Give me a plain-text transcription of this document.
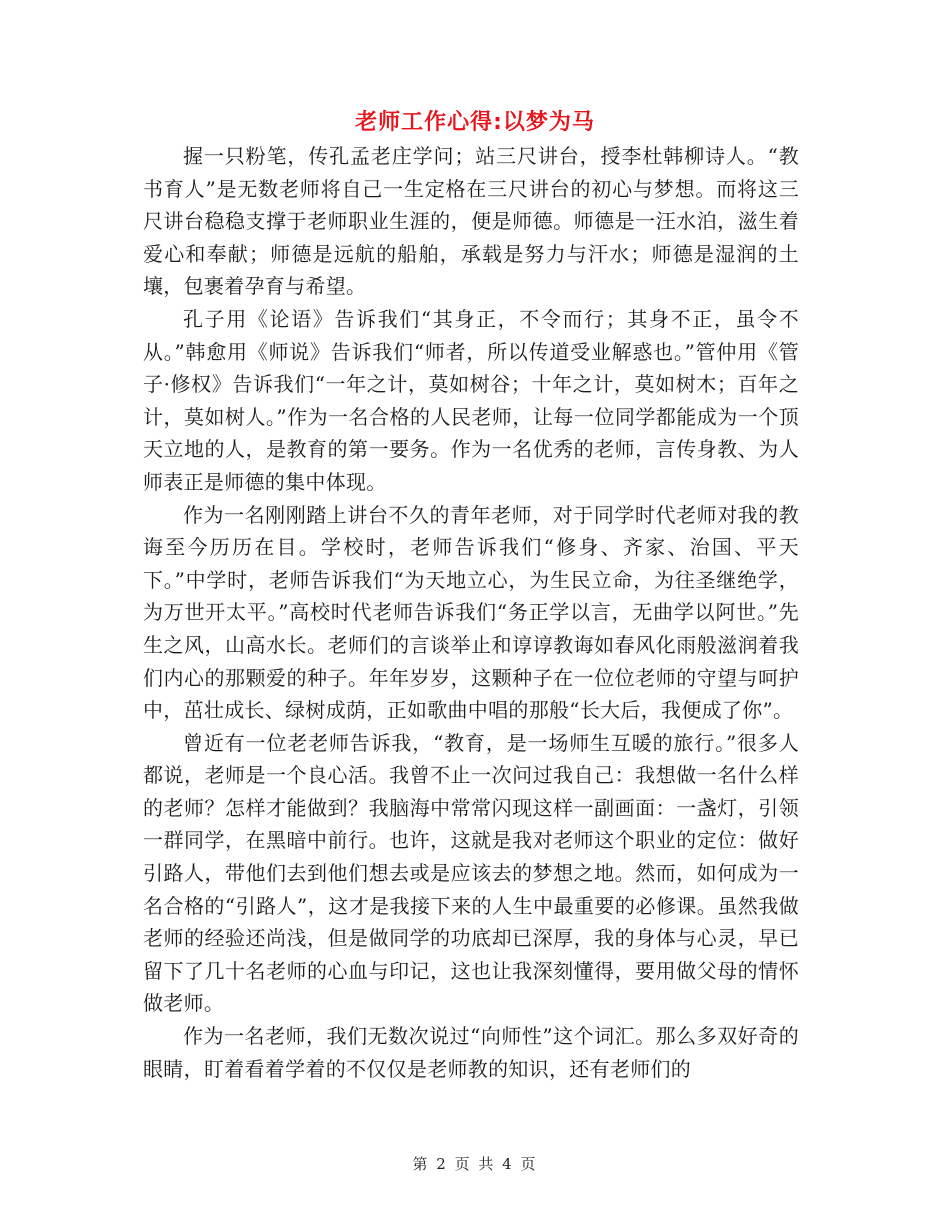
老师工作心得:以梦为马

握一只粉笔，传孔孟老庄学问；站三尺讲台，授李杜韩柳诗人。“教书育人”是无数老师将自己一生定格在三尺讲台的初心与梦想。而将这三尺讲台稳稳支撑于老师职业生涯的，便是师德。师德是一汪水泊，滋生着爱心和奉献；师德是远航的船舶，承载是努力与汗水；师德是湿润的土壤，包裹着孕育与希望。

孔子用《论语》告诉我们“其身正，不令而行；其身不正，虽令不从。”韩愈用《师说》告诉我们“师者，所以传道受业解惑也。”管仲用《管子·修权》告诉我们“一年之计，莫如树谷；十年之计，莫如树木；百年之计，莫如树人。”作为一名合格的人民老师，让每一位同学都能成为一个顶天立地的人，是教育的第一要务。作为一名优秀的老师，言传身教、为人师表正是师德的集中体现。

作为一名刚刚踏上讲台不久的青年老师，对于同学时代老师对我的教诲至今历历在目。学校时，老师告诉我们“修身、齐家、治国、平天下。”中学时，老师告诉我们“为天地立心，为生民立命，为往圣继绝学，为万世开太平。”高校时代老师告诉我们“务正学以言，无曲学以阿世。”先生之风，山高水长。老师们的言谈举止和谆谆教诲如春风化雨般滋润着我们内心的那颗爱的种子。年年岁岁，这颗种子在一位位老师的守望与呵护中，茁壮成长、绿树成荫，正如歌曲中唱的那般“长大后，我便成了你”。

曾近有一位老老师告诉我，“教育，是一场师生互暖的旅行。”很多人都说，老师是一个良心活。我曾不止一次问过我自己：我想做一名什么样的老师？怎样才能做到？我脑海中常常闪现这样一副画面：一盏灯，引领一群同学，在黑暗中前行。也许，这就是我对老师这个职业的定位：做好引路人，带他们去到他们想去或是应该去的梦想之地。然而，如何成为一名合格的“引路人”，这才是我接下来的人生中最重要的必修课。虽然我做老师的经验还尚浅，但是做同学的功底却已深厚，我的身体与心灵，早已留下了几十名老师的心血与印记，这也让我深刻懂得，要用做父母的情怀做老师。

作为一名老师，我们无数次说过“向师性”这个词汇。那么多双好奇的眼睛，盯着看着学着的不仅仅是老师教的知识，还有老师们的

第 2 页 共 4 页
